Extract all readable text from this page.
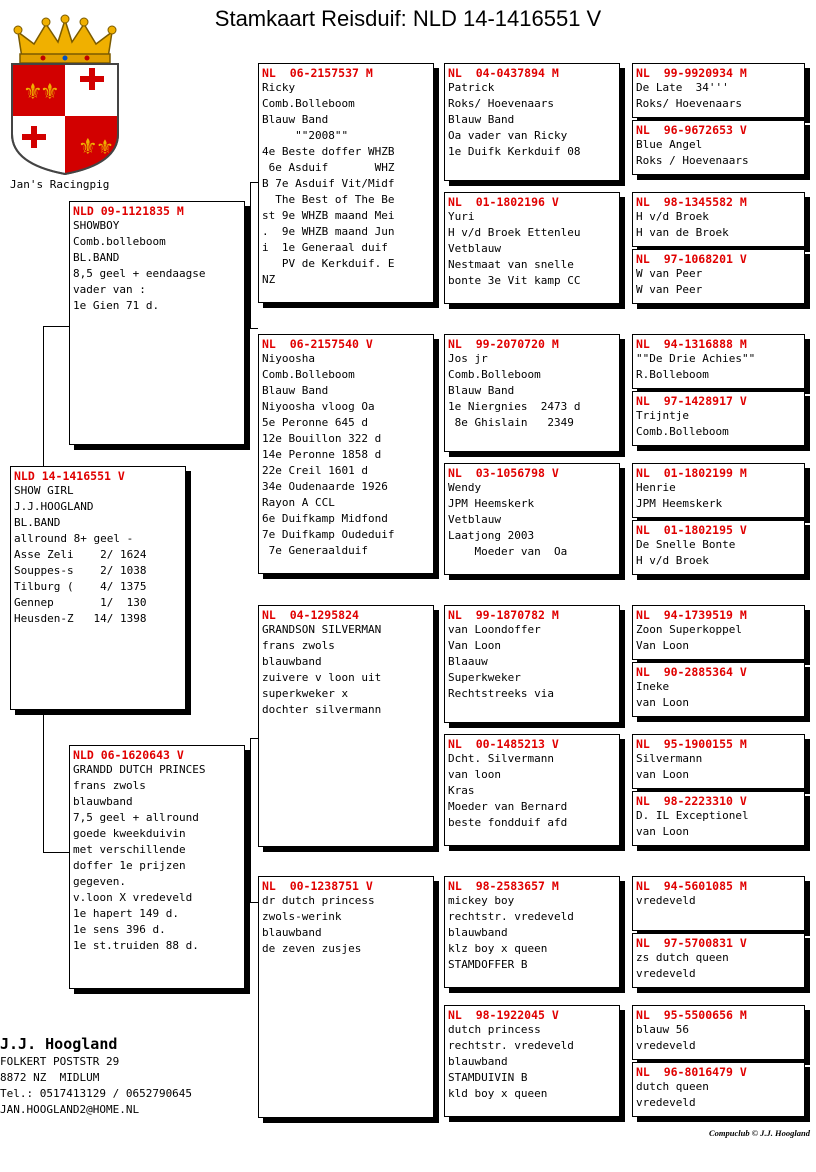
Stamkaart Reisduif: NLD 14-1416551 V
⚜
⚜
⚜
⚜
Jan's Racingpig
NLD 14-1416551 V
SHOW GIRL
J.J.HOOGLAND
BL.BAND
allround 8+ geel -
Asse Zeli    2/ 1624
Souppes-s    2/ 1038
Tilburg (    4/ 1375
Gennep       1/  130
Heusden-Z   14/ 1398
NLD 09-1121835 M
SHOWBOY
Comb.bolleboom
BL.BAND
8,5 geel + eendaagse
vader van :
1e Gien 71 d.
NLD 06-1620643 V
GRANDD DUTCH PRINCES
frans zwols
blauwband
7,5 geel + allround
goede kweekduivin
met verschillende
doffer 1e prijzen
gegeven.
v.loon X vredeveld
1e hapert 149 d.
1e sens 396 d.
1e st.truiden 88 d.
NL  06-2157537 M
Ricky
Comb.Bolleboom
Blauw Band
""2008""
4e Beste doffer WHZB
6e Asduif       WHZ
B 7e Asduif Vit/Midf
The Best of The Be
st 9e WHZB maand Mei
.  9e WHZB maand Jun
i  1e Generaal duif
PV de Kerkduif. E
NZ
NL  06-2157540 V
Niyoosha
Comb.Bolleboom
Blauw Band
Niyoosha vloog Oa
5e Peronne 645 d
12e Bouillon 322 d
14e Peronne 1858 d
22e Creil 1601 d
34e Oudenaarde 1926
Rayon A CCL
6e Duifkamp Midfond
7e Duifkamp Oudeduif
7e Generaalduif
NL  04-1295824
GRANDSON SILVERMAN
frans zwols
blauwband
zuivere v loon uit
superkweker x
dochter silvermann
NL  00-1238751 V
dr dutch princess
zwols-werink
blauwband
de zeven zusjes
NL  04-0437894 M
Patrick
Roks/ Hoevenaars
Blauw Band
Oa vader van Ricky
1e Duifk Kerkduif 08
NL  01-1802196 V
Yuri
H v/d Broek Ettenleu
Vetblauw
Nestmaat van snelle
bonte 3e Vit kamp CC
NL  99-2070720 M
Jos jr
Comb.Bolleboom
Blauw Band
1e Niergnies  2473 d
8e Ghislain   2349
NL  03-1056798 V
Wendy
JPM Heemskerk
Vetblauw
Laatjong 2003
Moeder van  Oa
NL  99-1870782 M
van Loondoffer
Van Loon
Blaauw
Superkweker
Rechtstreeks via
NL  00-1485213 V
Dcht. Silvermann
van loon
Kras
Moeder van Bernard
beste fondduif afd
NL  98-2583657 M
mickey boy
rechtstr. vredeveld
blauwband
klz boy x queen
STAMDOFFER B
NL  98-1922045 V
dutch princess
rechtstr. vredeveld
blauwband
STAMDUIVIN B
kld boy x queen
NL  99-9920934 M
De Late  34'''
Roks/ Hoevenaars
NL  96-9672653 V
Blue Angel
Roks / Hoevenaars
NL  98-1345582 M
H v/d Broek
H van de Broek
NL  97-1068201 V
W van Peer
W van Peer
NL  94-1316888 M
""De Drie Achies""
R.Bolleboom
NL  97-1428917 V
Trijntje
Comb.Bolleboom
NL  01-1802199 M
Henrie
JPM Heemskerk
NL  01-1802195 V
De Snelle Bonte
H v/d Broek
NL  94-1739519 M
Zoon Superkoppel
Van Loon
NL  90-2885364 V
Ineke
van Loon
NL  95-1900155 M
Silvermann
van Loon
NL  98-2223310 V
D. IL Exceptionel
van Loon
NL  94-5601085 M
vredeveld
NL  97-5700831 V
zs dutch queen
vredeveld
NL  95-5500656 M
blauw 56
vredeveld
NL  96-8016479 V
dutch queen
vredeveld
J.J. Hoogland
FOLKERT POSTSTR 29
8872 NZ  MIDLUM
Tel.: 0517413129 / 0652790645
JAN.HOOGLAND2@HOME.NL
Compuclub © J.J. Hoogland
